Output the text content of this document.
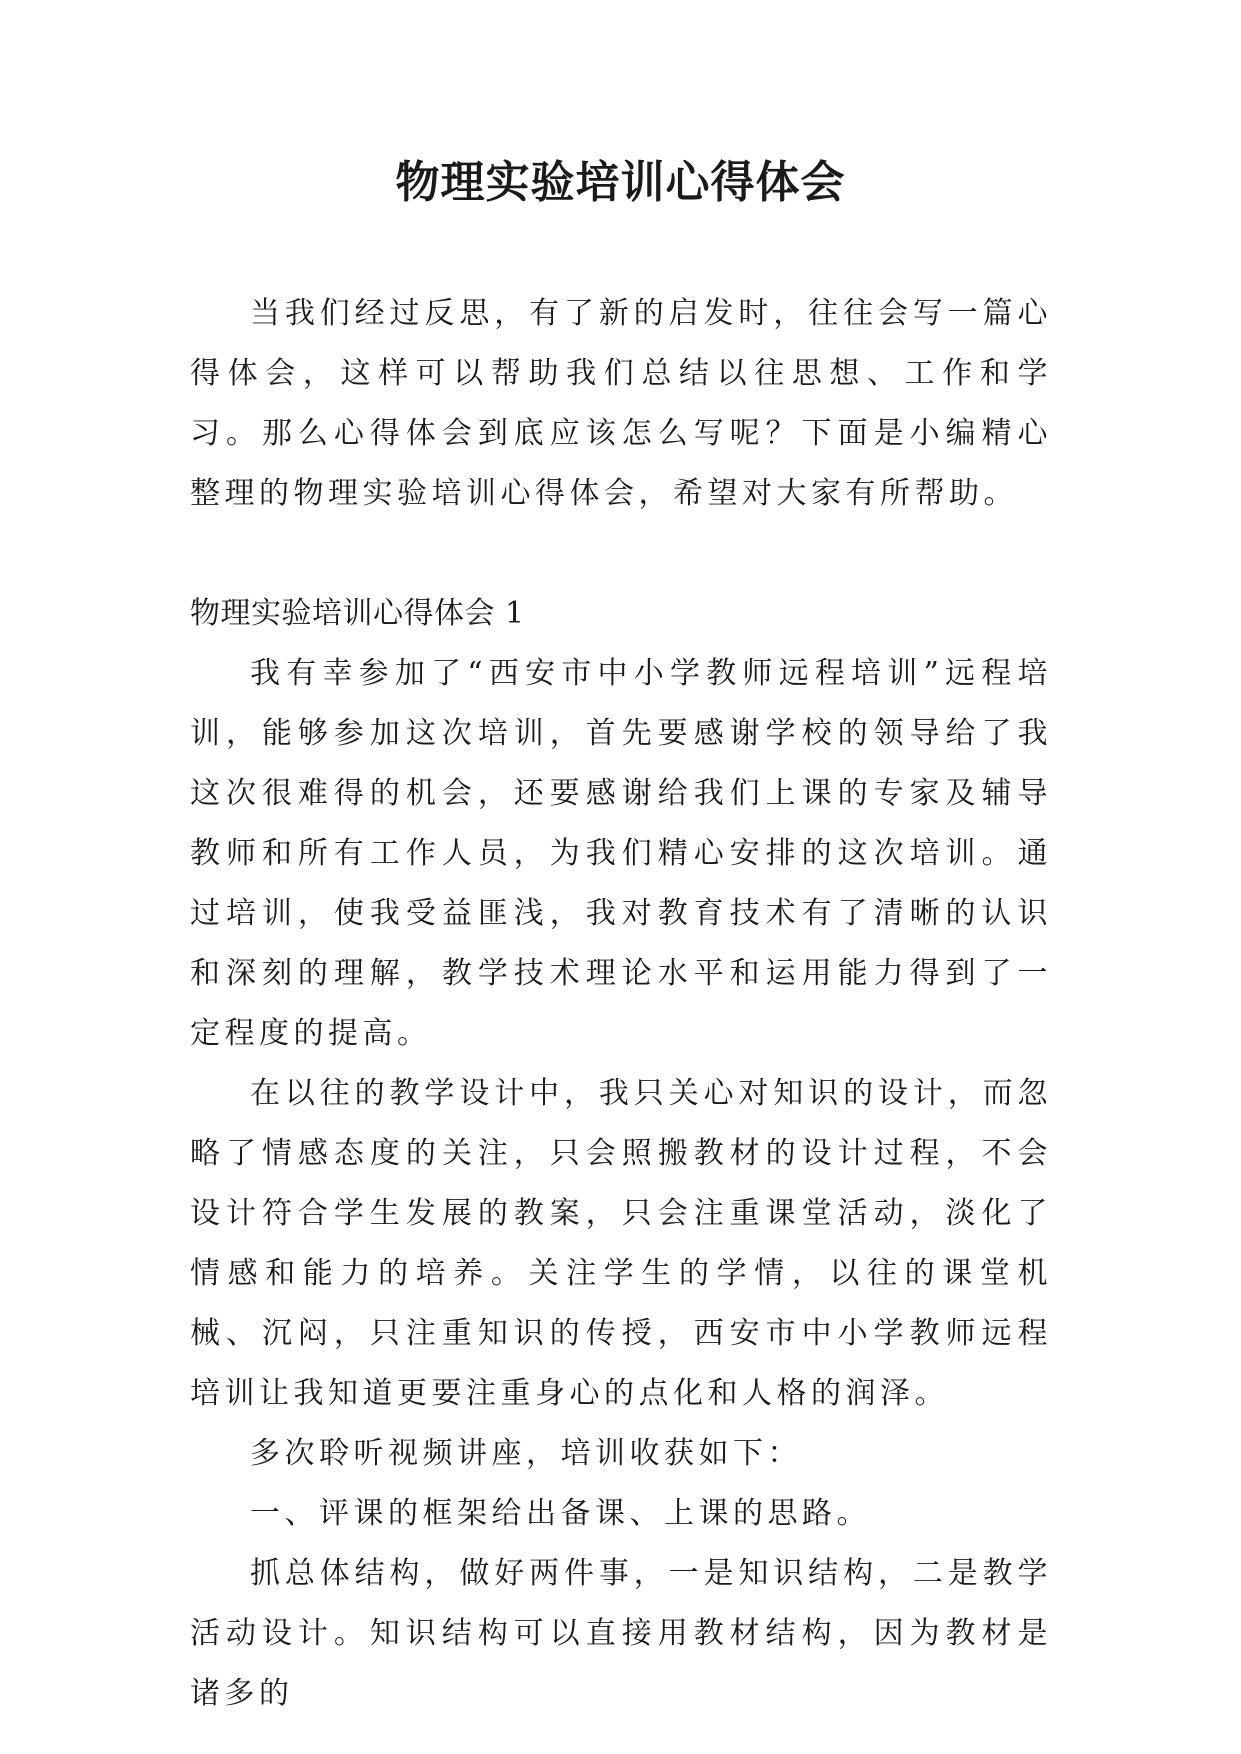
物理实验培训心得体会

当我们经过反思，有了新的启发时，往往会写一篇心得体会，这样可以帮助我们总结以往思想、工作和学习。那么心得体会到底应该怎么写呢？下面是小编精心整理的物理实验培训心得体会，希望对大家有所帮助。

物理实验培训心得体会 1

我有幸参加了“西安市中小学教师远程培训”远程培训，能够参加这次培训，首先要感谢学校的领导给了我这次很难得的机会，还要感谢给我们上课的专家及辅导教师和所有工作人员，为我们精心安排的这次培训。通过培训，使我受益匪浅，我对教育技术有了清晰的认识和深刻的理解，教学技术理论水平和运用能力得到了一定程度的提高。

在以往的教学设计中，我只关心对知识的设计，而忽略了情感态度的关注，只会照搬教材的设计过程，不会设计符合学生发展的教案，只会注重课堂活动，淡化了情感和能力的培养。关注学生的学情，以往的课堂机械、沉闷，只注重知识的传授，西安市中小学教师远程培训让我知道更要注重身心的点化和人格的润泽。

多次聆听视频讲座，培训收获如下：

一、评课的框架给出备课、上课的思路。

抓总体结构，做好两件事，一是知识结构，二是教学活动设计。知识结构可以直接用教材结构，因为教材是诸多的
